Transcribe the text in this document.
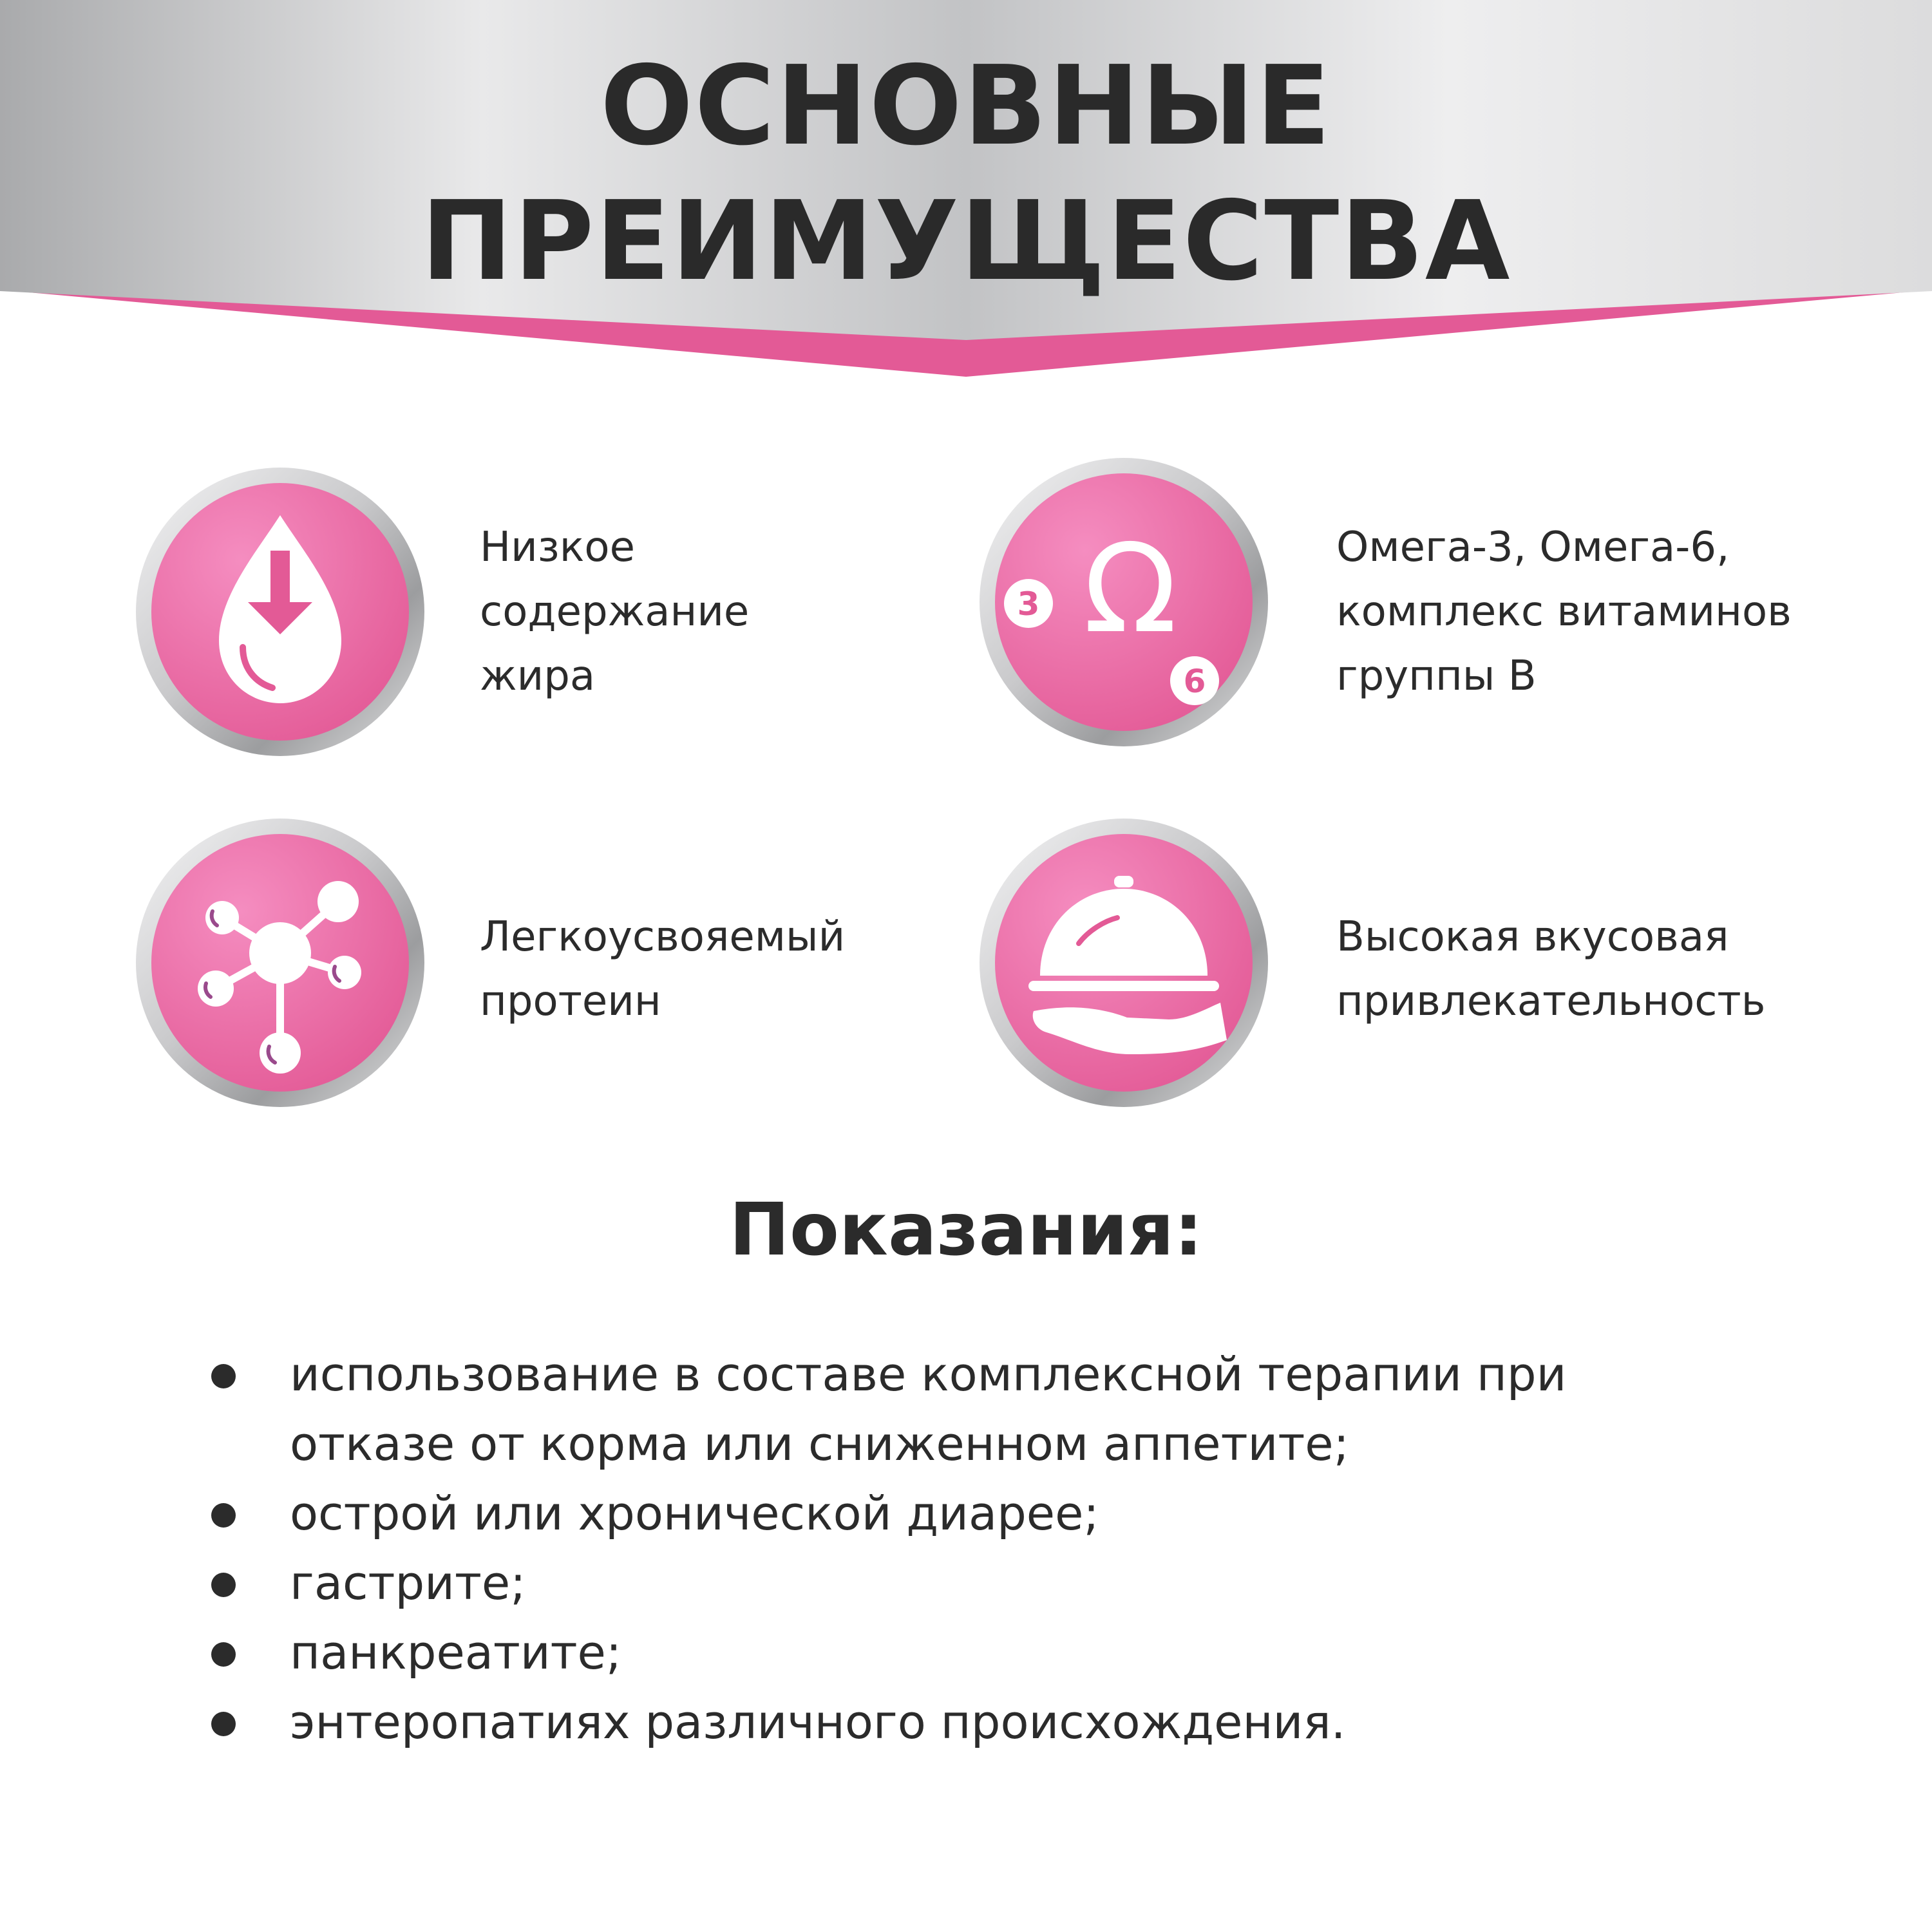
ОСНОВНЫЕ
ПРЕИМУЩЕСТВА
Низкое
содержание
жира
Ω
3
6
Омега-3, Омега-6,
комплекс витаминов
группы В
Легкоусвояемый
протеин
Высокая вкусовая
привлекательность
Показания:
использование в составе комплексной терапии при
отказе от корма или сниженном аппетите;
острой или хронической диарее;
гастрите;
панкреатите;
энтеропатиях различного происхождения.
